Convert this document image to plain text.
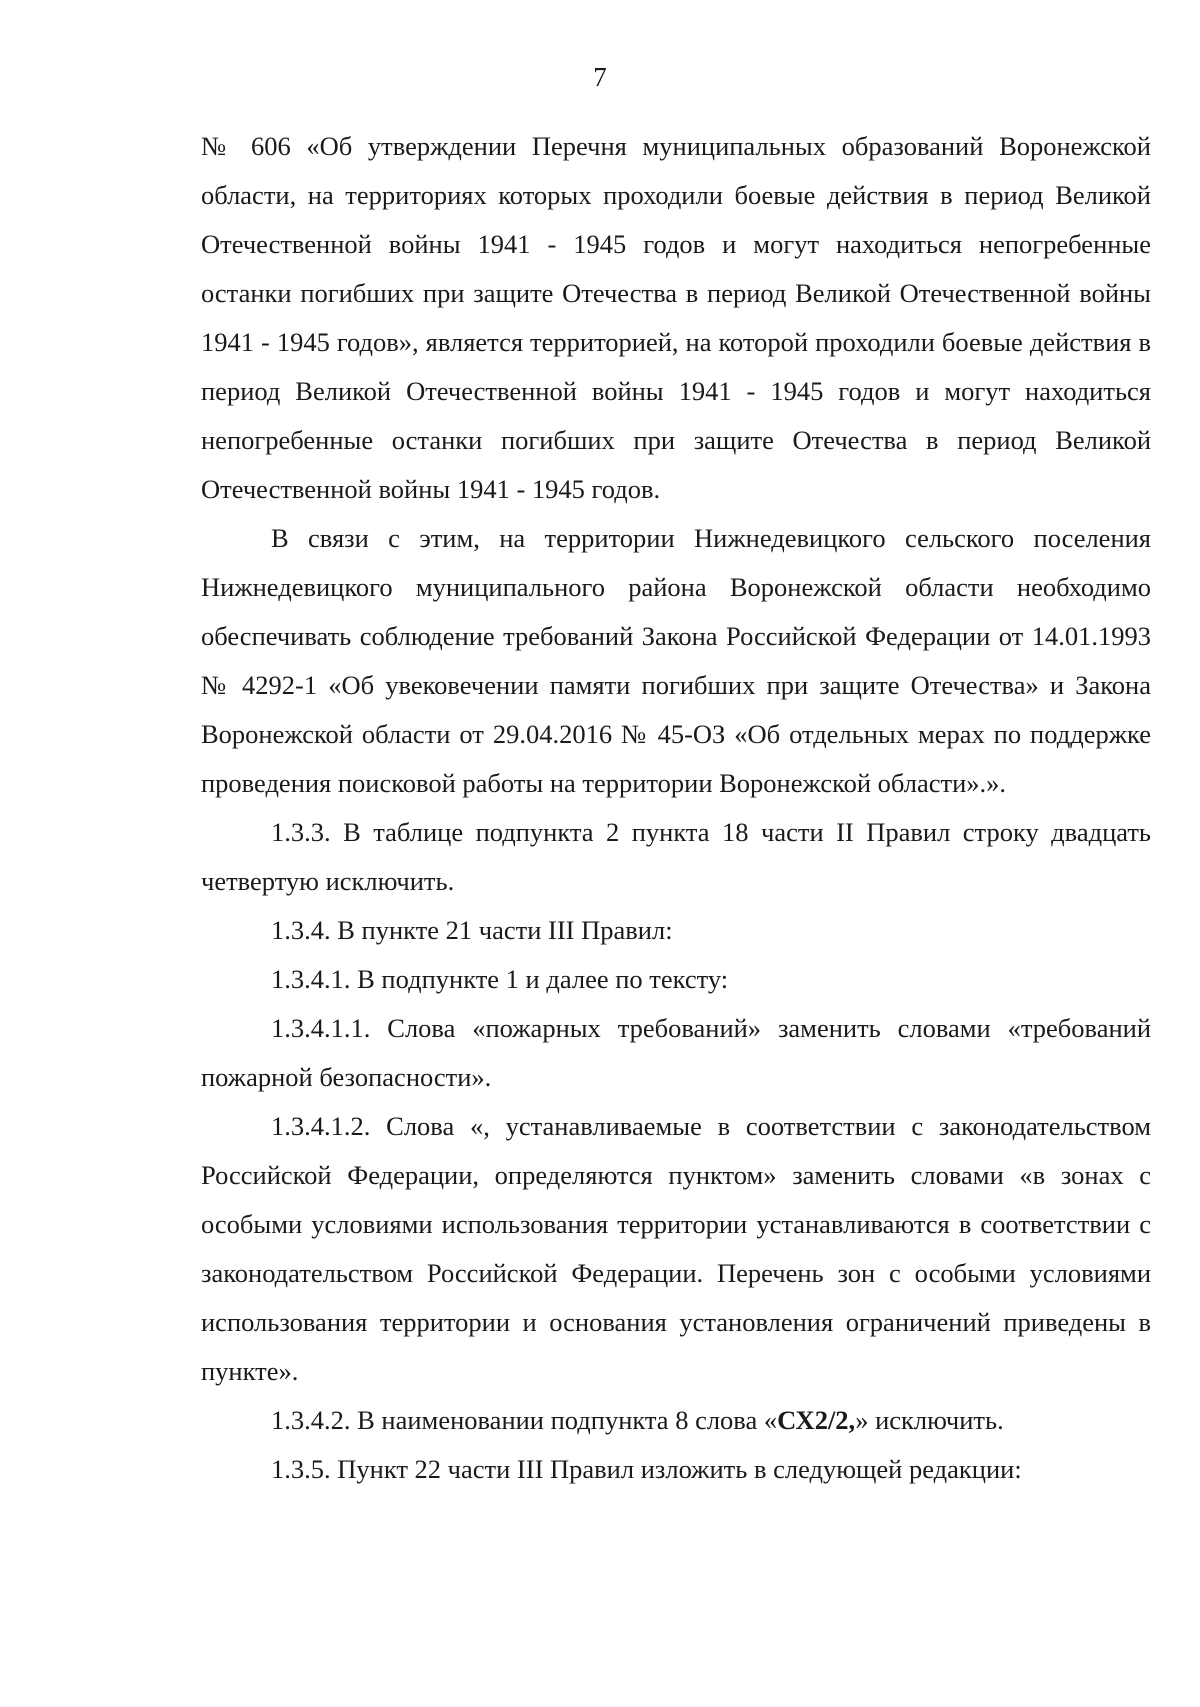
7

№ 606 «Об утверждении Перечня муниципальных образований Воронежской области, на территориях которых проходили боевые действия в период Великой Отечественной войны 1941 - 1945 годов и могут находиться непогребенные останки погибших при защите Отечества в период Великой Отечественной войны 1941 - 1945 годов», является территорией, на которой проходили боевые действия в период Великой Отечественной войны 1941 - 1945 годов и могут находиться непогребенные останки погибших при защите Отечества в период Великой Отечественной войны 1941 - 1945 годов.

В связи с этим, на территории Нижнедевицкого сельского поселения Нижнедевицкого муниципального района Воронежской области необходимо обеспечивать соблюдение требований Закона Российской Федерации от 14.01.1993 № 4292-1 «Об увековечении памяти погибших при защите Отечества» и Закона Воронежской области от 29.04.2016 № 45-ОЗ «Об отдельных мерах по поддержке проведения поисковой работы на территории Воронежской области».».

1.3.3. В таблице подпункта 2 пункта 18 части II Правил строку двадцать четвертую исключить.

1.3.4. В пункте 21 части III Правил:

1.3.4.1. В подпункте 1 и далее по тексту:

1.3.4.1.1. Слова «пожарных требований» заменить словами «требований пожарной безопасности».

1.3.4.1.2. Слова «, устанавливаемые в соответствии с законодательством Российской Федерации, определяются пунктом» заменить словами «в зонах с особыми условиями использования территории устанавливаются в соответствии с законодательством Российской Федерации. Перечень зон с особыми условиями использования территории и основания установления ограничений приведены в пункте».

1.3.4.2. В наименовании подпункта 8 слова «СХ2/2,» исключить.

1.3.5. Пункт 22 части III Правил изложить в следующей редакции:
